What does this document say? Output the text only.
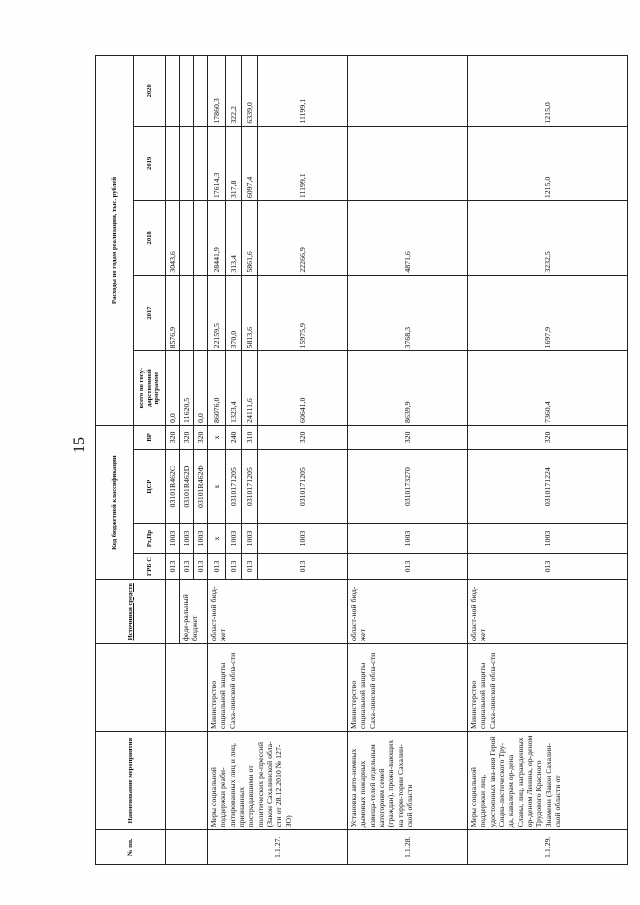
15
№ пп.	Наименование мероприятия		Источники средств	Код бюджетной классификации				Расходы по годам реализации, тыс. рублей				
				ГРБ С	Рз,Пр	ЦСР	ВР	всего по госу-дарственной программе	2017	2018	2019	2020
				013	1003	03101R462C	320	0,0	8576,9	3043,6		
			феде-ральный бюджет	013	1003	03101R462D	320	11620,5				
				013	1003	03101R462Ф	320	0,0				
1.1.27.	Меры социальной поддержки реаби-литированных лиц и лиц, признанных пострадавшими от политических ре-прессий (Закон Сахалинской обла-сти от 28.12.2010 № 127-ЗО)	Министерство социальной защиты Саха-линской обла-сти	област-ной бюд-жет	013	х	х	х	86076,0	22159,5	28441,9	17614,3	17860,3
				013	1003	0310171205	240	1323,4	370,0	313,4	317,8	322,2
				013	1003	0310171205	310	24111,6	5813,6	5861,6	6097,4	6339,0
				013	1003	0310171205	320	60641,0	15975,9	22266,9	11199,1	11199,1
1.1.28.	Установка авто-номных дымовых пожарных извеща-телей отдельным категориям семей (граждан), прожи-вающих на терри-тории Сахалин-ской области	Министерство социальной защиты Саха-линской обла-сти	област-ной бюд-жет	013	1003	0310173270	320	8639,9	3768,3	4871,6		
1.1.29.	Меры социальной поддержки лиц, удостоенных зва-ния Герой Социа-листического Тру-да, кавалерам ор-дена Славы, лиц, награжденных ор-деном Ленина, ор-деном Трудового Красного Знамени (Закон Сахалин-ской области от	Министерство социальной защиты Саха-линской обла-сти	област-ной бюд-жет	013	1003	0310171224	320	7360,4	1697,9	3232,5	1215,0	1215,0
